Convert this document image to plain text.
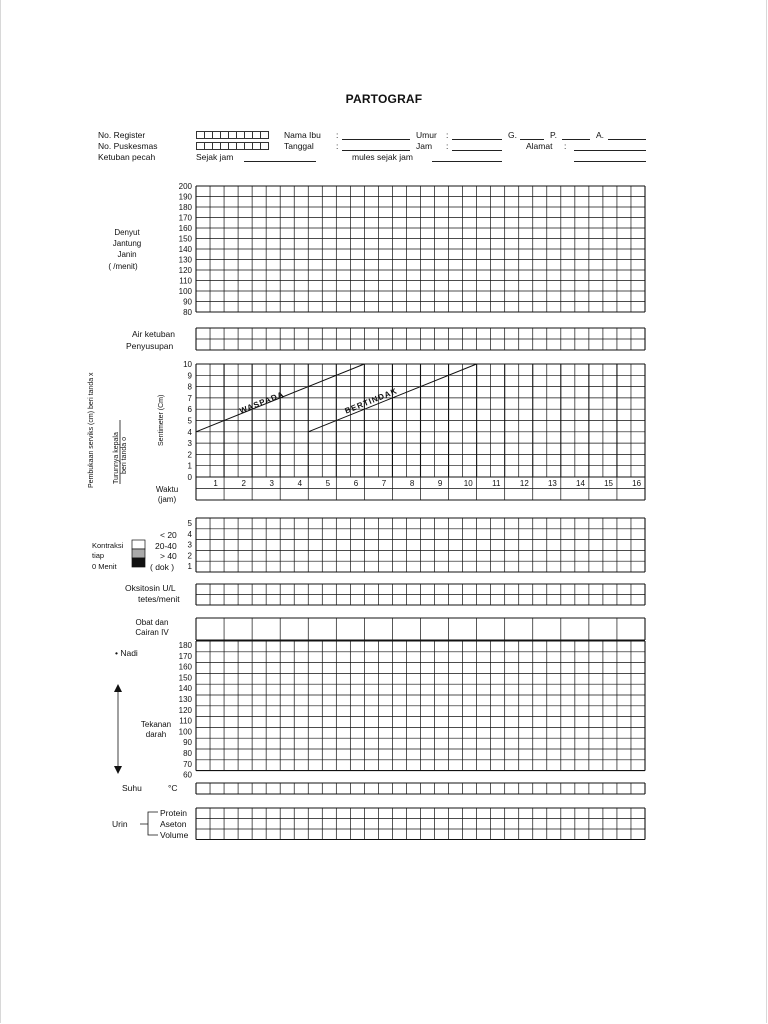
PARTOGRAF
No. Register	Nama Ibu :	Umur :	G.	P.	A.
No. Puskesmas	Tanggal	:	Jam :	Alamat :
Ketuban pecah	Sejak jam	mules sejak jam
Denyut
Jantung
Janin
( /menit)
Air ketuban
Penyusupan
Pembukaan serviks (cm) beri tanda x	Turunnya kepala beri tanda o
Sentimeter (Cm)
Waktu
(jam)
Kontraksi
tiap
0 Menit
< 20
20-40
> 40
( dok )
Oksitosin U/L
tetes/menit
Obat dan
Cairan IV
• Nadi
Tekanan
darah
Suhu	°C
Urin
Protein
Aseton
Volume
200
190
180
170
160
150
140
130
120
110
100
90
80
10
9
8
7
6
5
4
3
2
1
0
1	2	3	4	5	6	7	8	9	10 11 12 13 14 15 16
WASPADA	BERTINDAK
5
4
3
2
1
180
170
160
150
140
130
120
110
100
90
80
70
60
